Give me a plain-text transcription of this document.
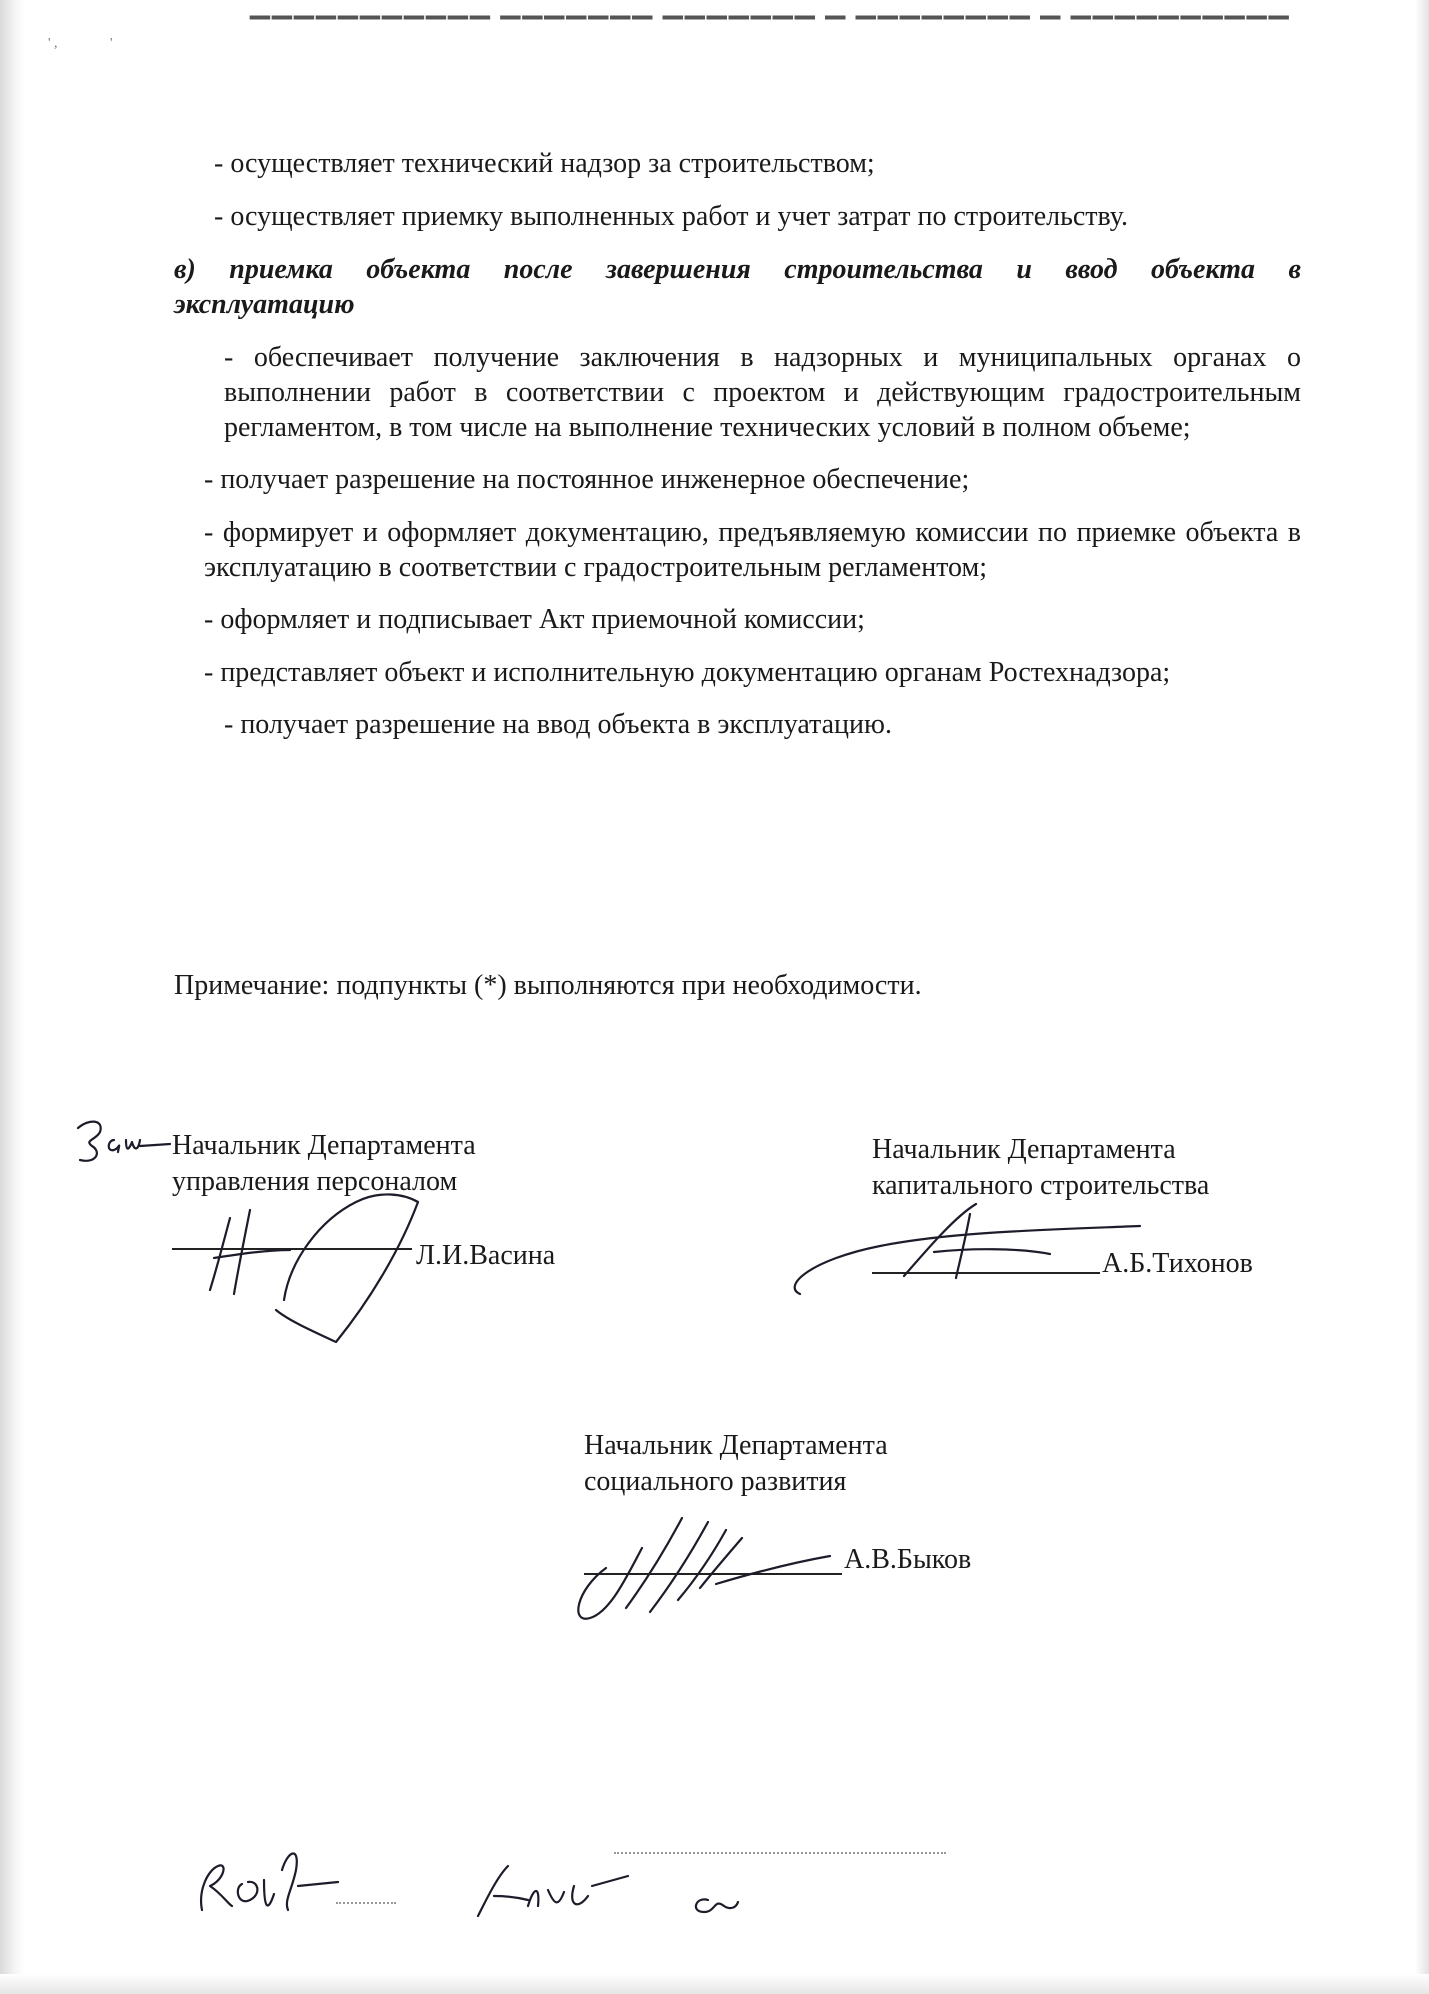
▁▁▁▁▁▁▁▁▁▁▁ ▁▁▁▁▁▁▁ ▁▁▁▁▁▁▁ ▁ ▁▁▁▁▁▁▁▁ ▁ ▁▁▁▁▁▁▁▁▁▁
' ,               '

- осуществляет технический надзор за строительством;

- осуществляет приемку выполненных работ и учет затрат по строительству.

в) приемка объекта после завершения строительства и ввод объекта в эксплуатацию

- обеспечивает получение заключения в надзорных и муниципальных органах о выполнении работ в соответствии с проектом и действующим градостроительным регламентом, в том числе на выполнение технических условий в полном объеме;

- получает разрешение на постоянное инженерное обеспечение;

- формирует и оформляет документацию, предъявляемую комиссии по приемке объекта в эксплуатацию в соответствии с градостроительным регламентом;

- оформляет и подписывает Акт приемочной комиссии;

- представляет объект и исполнительную документацию органам Ростехнадзора;

- получает разрешение на ввод объекта в эксплуатацию.

Примечание: подпункты (*) выполняются при необходимости.
Начальник Департамента
управления персоналом
Л.И.Васина
Начальник Департамента
капитального строительства
А.Б.Тихонов
Начальник Департамента
социального развития
А.В.Быков
